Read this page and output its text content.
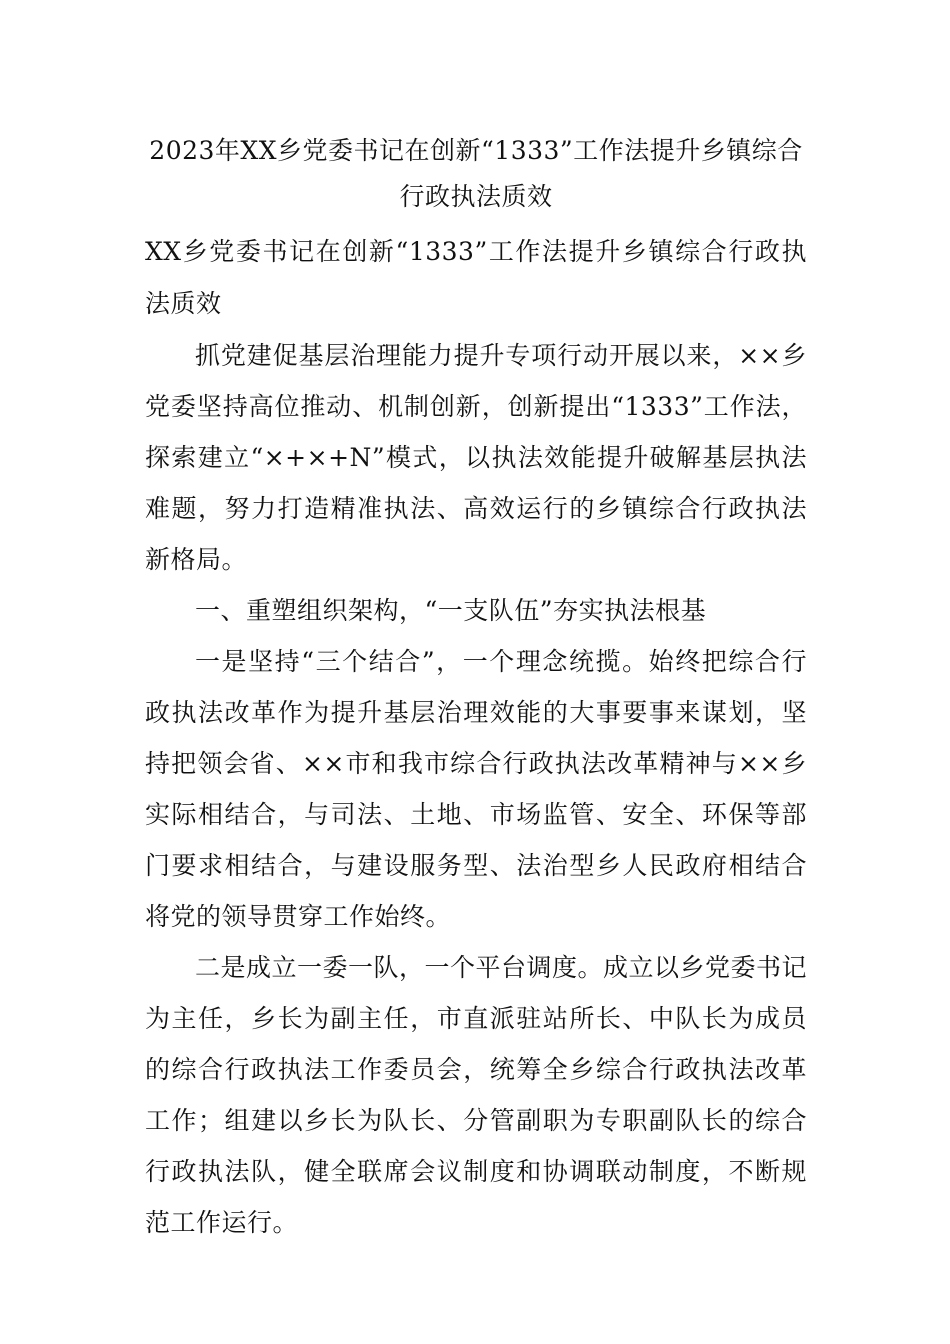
2023年XX乡党委书记在创新“1333”工作法提升乡镇综合行政执法质效

XX乡党委书记在创新“1333”工作法提升乡镇综合行政执法质效

抓党建促基层治理能力提升专项行动开展以来，××乡党委坚持高位推动、机制创新，创新提出“1333”工作法，探索建立“×+×+N”模式，以执法效能提升破解基层执法难题，努力打造精准执法、高效运行的乡镇综合行政执法新格局。

一、重塑组织架构，“一支队伍”夯实执法根基

一是坚持“三个结合”，一个理念统揽。始终把综合行政执法改革作为提升基层治理效能的大事要事来谋划，坚持把领会省、××市和我市综合行政执法改革精神与××乡实际相结合，与司法、土地、市场监管、安全、环保等部门要求相结合，与建设服务型、法治型乡人民政府相结合将党的领导贯穿工作始终。

二是成立一委一队，一个平台调度。成立以乡党委书记为主任，乡长为副主任，市直派驻站所长、中队长为成员的综合行政执法工作委员会，统筹全乡综合行政执法改革工作；组建以乡长为队长、分管副职为专职副队长的综合行政执法队，健全联席会议制度和协调联动制度，不断规范工作运行。
